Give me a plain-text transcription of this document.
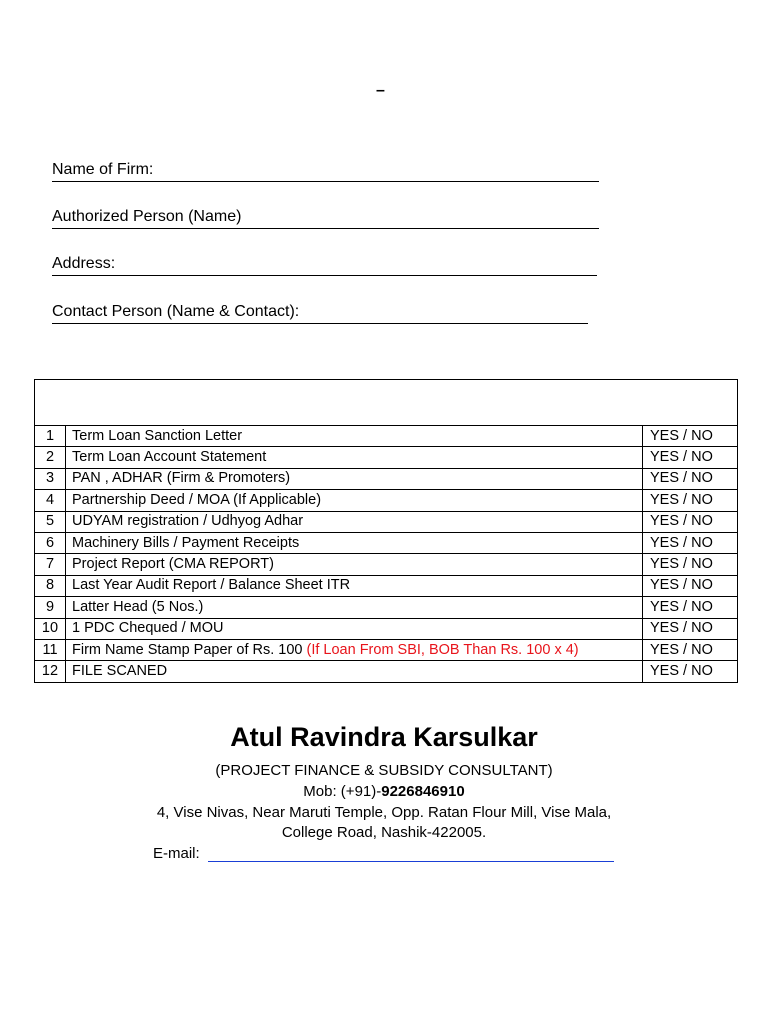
–
Name of Firm:
Authorized Person (Name)
Address:
Contact Person (Name & Contact):

1	Term Loan Sanction Letter	YES / NO
2	Term Loan Account Statement	YES / NO
3	PAN , ADHAR (Firm & Promoters)	YES / NO
4	Partnership Deed / MOA (If Applicable)	YES / NO
5	UDYAM registration / Udhyog Adhar	YES / NO
6	Machinery Bills / Payment Receipts	YES / NO
7	Project Report (CMA REPORT)	YES / NO
8	Last Year Audit Report / Balance Sheet ITR	YES / NO
9	Latter Head (5 Nos.)	YES / NO
10	1 PDC Chequed / MOU	YES / NO
11	Firm Name Stamp Paper of Rs. 100 (If Loan From SBI, BOB Than Rs. 100 x 4)	YES / NO
12	FILE SCANED	YES / NO
Atul Ravindra Karsulkar
(PROJECT FINANCE & SUBSIDY CONSULTANT)
Mob: (+91)-9226846910
4, Vise Nivas, Near Maruti Temple, Opp. Ratan Flour Mill, Vise Mala,
College Road, Nashik-422005.
E-mail:
